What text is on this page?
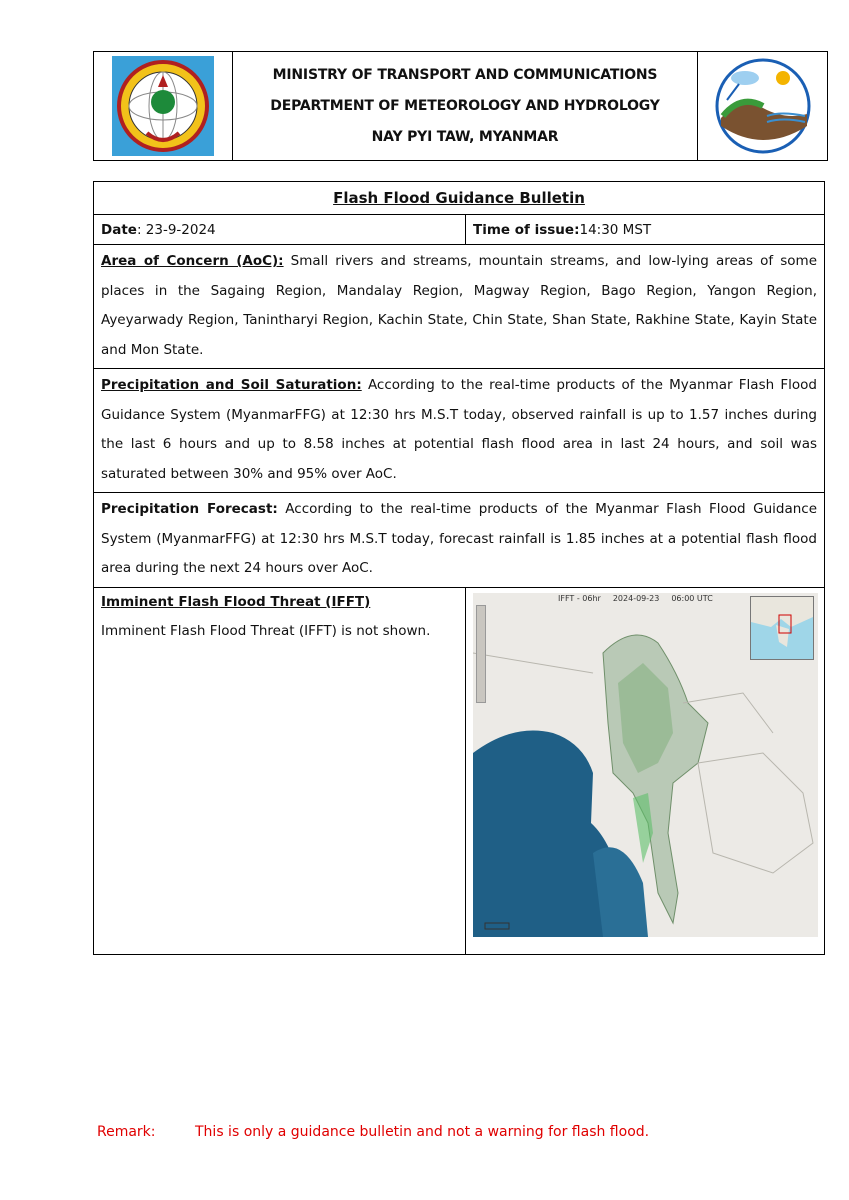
MINISTRY OF TRANSPORT AND COMMUNICATIONS
DEPARTMENT OF METEOROLOGY AND HYDROLOGY
NAY PYI TAW, MYANMAR
Flash Flood Guidance Bulletin
Date : 23-9-2024	Time of issue: 14:30 MST
Area of Concern (AoC): Small rivers and streams, mountain streams, and low-lying areas of some places in the Sagaing Region, Mandalay Region, Magway Region, Bago Region, Yangon Region, Ayeyarwady Region, Tanintharyi Region, Kachin State, Chin State, Shan State, Rakhine State, Kayin State and Mon State.
Precipitation and Soil Saturation: According to the real-time products of the Myanmar Flash Flood Guidance System (MyanmarFFG) at 12:30 hrs M.S.T today, observed rainfall is up to 1.57 inches during the last 6 hours and up to 8.58 inches at potential flash flood area in last 24 hours, and soil was saturated between 30% and 95% over AoC.
Precipitation Forecast: According to the real-time products of the Myanmar Flash Flood Guidance System (MyanmarFFG) at 12:30 hrs M.S.T today, forecast rainfall is 1.85 inches at a potential flash flood area during the next 24 hours over AoC.
Imminent Flash Flood Threat (IFFT)
Imminent Flash Flood Threat (IFFT) is not shown.
IFFT - 06hr 2024-09-23 06:00 UTC
Remark:	This is only a guidance bulletin and not a warning for flash flood.
